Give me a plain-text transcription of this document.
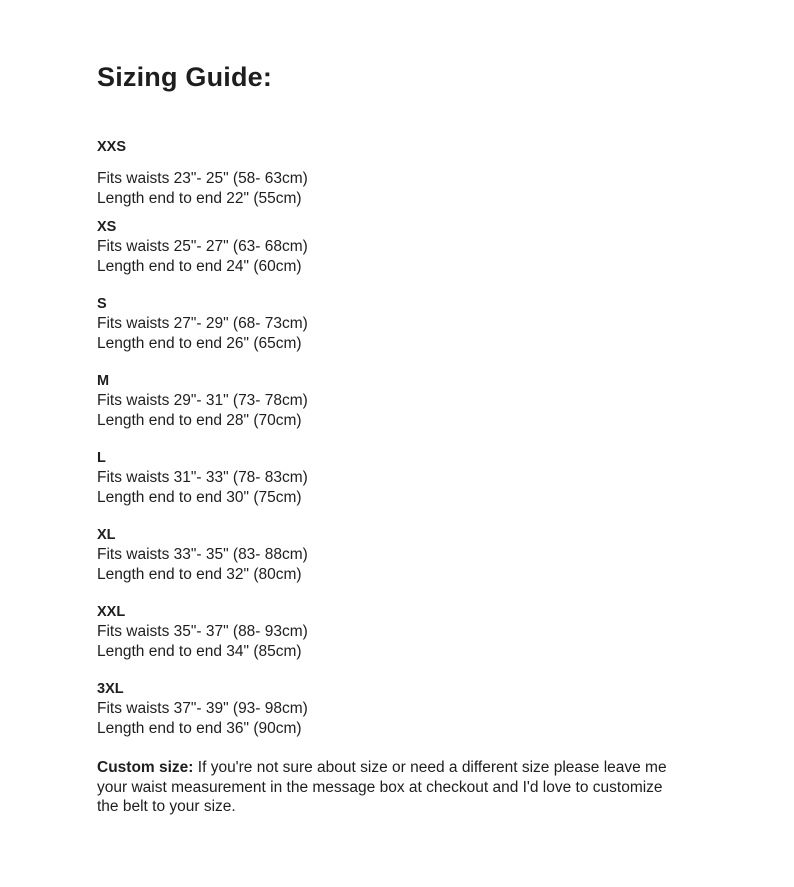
Sizing Guide:
XXS
Fits waists 23"- 25" (58- 63cm)
Length end to end 22" (55cm)
XS
Fits waists 25"- 27" (63- 68cm)
Length end to end 24" (60cm)
S
Fits waists 27"- 29" (68- 73cm)
Length end to end 26" (65cm)
M
Fits waists 29"- 31" (73- 78cm)
Length end to end 28" (70cm)
L
Fits waists 31"- 33" (78- 83cm)
Length end to end 30" (75cm)
XL
Fits waists 33"- 35" (83- 88cm)
Length end to end 32" (80cm)
XXL
Fits waists 35"- 37" (88- 93cm)
Length end to end 34" (85cm)
3XL
Fits waists 37"- 39" (93- 98cm)
Length end to end 36" (90cm)
Custom size: If you're not sure about size or need a different size please leave me your waist measurement in the message box at checkout and I'd love to customize the belt to your size.
